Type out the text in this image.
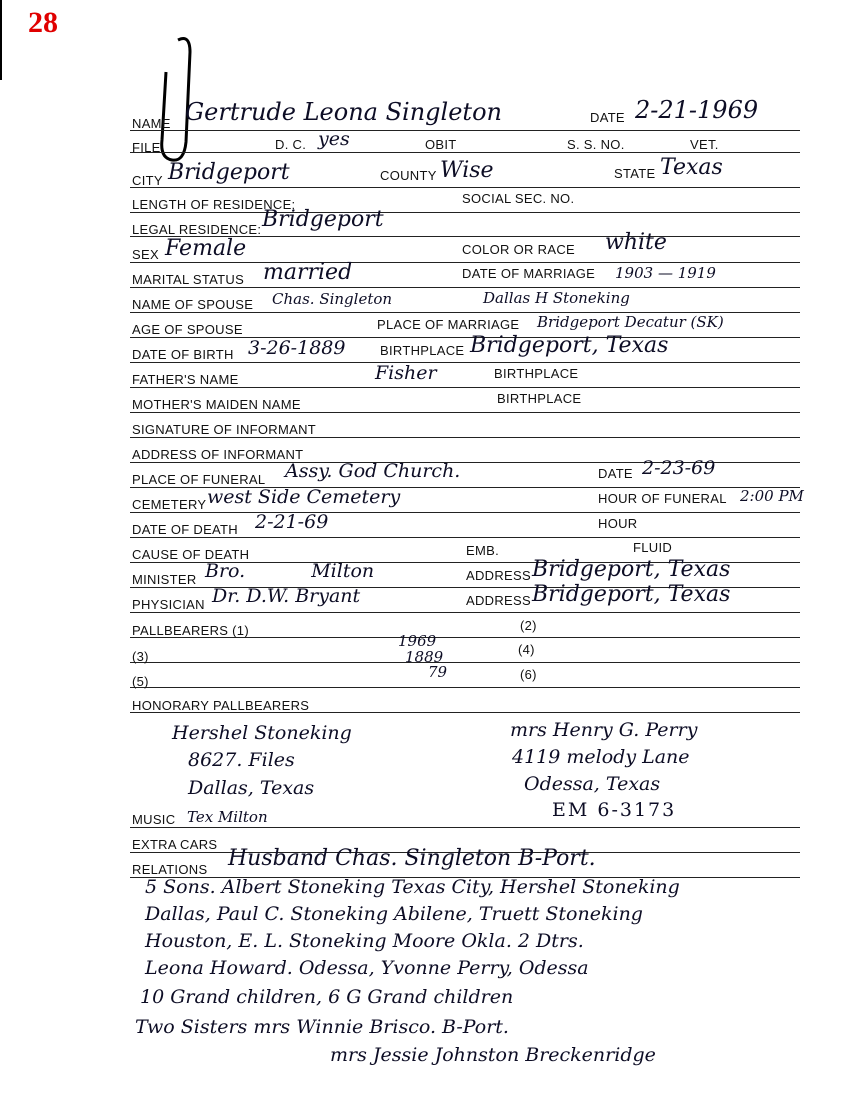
28
NAME Gertrude Leona Singleton	DATE 2-21-1969
FILE	D. C. yes	OBIT	S. S. NO.	VET.
CITY Bridgeport	COUNTY Wise	STATE Texas
LENGTH OF RESIDENCE:	SOCIAL SEC. NO.
LEGAL RESIDENCE: Bridgeport
SEX Female	COLOR OR RACE white
MARITAL STATUS married	DATE OF MARRIAGE 1903 — 1919
NAME OF SPOUSE Chas. Singleton	Dallas H Stoneking
AGE OF SPOUSE	PLACE OF MARRIAGE Bridgeport Decatur (SK)
DATE OF BIRTH 3-26-1889	BIRTHPLACE Bridgeport, Texas
FATHER'S NAME	Fisher	BIRTHPLACE
MOTHER'S MAIDEN NAME	BIRTHPLACE
SIGNATURE OF INFORMANT
ADDRESS OF INFORMANT
PLACE OF FUNERAL Assy. God Church.	DATE 2-23-69
CEMETERY west Side Cemetery	HOUR OF FUNERAL 2:00 PM
DATE OF DEATH 2-21-69	HOUR
CAUSE OF DEATH	EMB.	FLUID
MINISTER Bro. Milton	ADDRESS Bridgeport, Texas
PHYSICIAN Dr. D.W. Bryant	ADDRESS Bridgeport, Texas
PALLBEARERS (1)	(2)
(3)	(4)
(5)	(6)
1969
1889
79
HONORARY PALLBEARERS
Hershel Stoneking
8627. Files
Dallas, Texas
mrs Henry G. Perry
4119 melody Lane
Odessa, Texas
EM 6-3173
MUSIC Tex Milton
EXTRA CARS
RELATIONS Husband Chas. Singleton B-Port.
5 Sons. Albert Stoneking Texas City, Hershel Stoneking
Dallas, Paul C. Stoneking Abilene, Truett Stoneking
Houston, E. L. Stoneking Moore Okla. 2 Dtrs.
Leona Howard. Odessa, Yvonne Perry, Odessa
10 Grand children, 6 G Grand children
Two Sisters mrs Winnie Brisco. B-Port.
mrs Jessie Johnston Breckenridge
